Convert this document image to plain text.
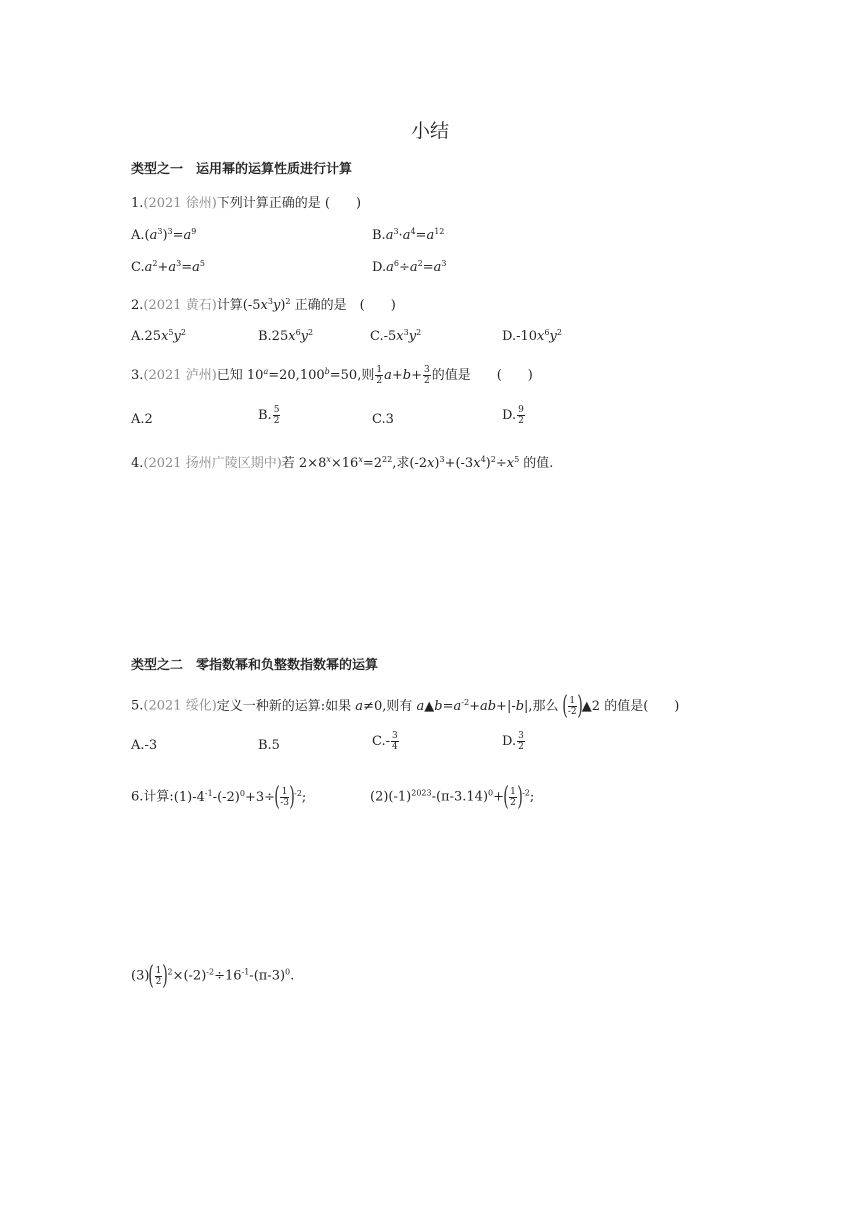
小结
类型之一　运用幂的运算性质进行计算
1.(2021 徐州)下列计算正确的是 (　　)
$A.(a^3)^3=a^9$	$B.a^3\cdot a^4=a^{12}$
$C.a^2+a^3=a^5$	$D.a^6\div a^2=a^3$
2.(2021 黄石)计算$(-5x^3y)^2$ 正确的是　(　　)
$A.25x^5y^2$	$B.25x^6y^2$	$C.-5x^3y^2$	$D.-10x^6y^2$
3.(2021 泸州)已知 $10^a=20,100^b=50$,则 $\frac{1}{2} a+b+ \frac{3}{2}$ 的值是　　(　　)
A.2	B. $\frac{5}{2}$	C.3	D. $\frac{9}{2}$
4.(2021 扬州广陵区期中)若 $2\times 8^x\times 16^x=2^{22}$,求$(-2x)^3+(-3x^4)^2\div x^5$ 的值.
类型之二　零指数幂和负整数指数幂的运算
5.(2021 绥化)定义一种新的运算:如果 a≠0,则有 $a▲b=a^{-2}+ab+|-b|$,那么 ( $\frac{1}{-2}$ ) ▲2 的值是(　　)
A.-3	B.5	$C.- \frac{3}{4}$	D. $\frac{3}{2}$
6.计算$:(1)-4^{-1}-(-2)^0+3\div$ ( $\frac{1}{-3}$ ) $^{-2}$;	$(2)(-1)^{2023}-(\pi-3.14)^0+$ ( $\frac{1}{2}$ ) $^{-2}$;
(3) ( $\frac{1}{2}$ ) $^2\times(-2)^{-2}\div 16^{-1}-(\pi-3)^0$.
